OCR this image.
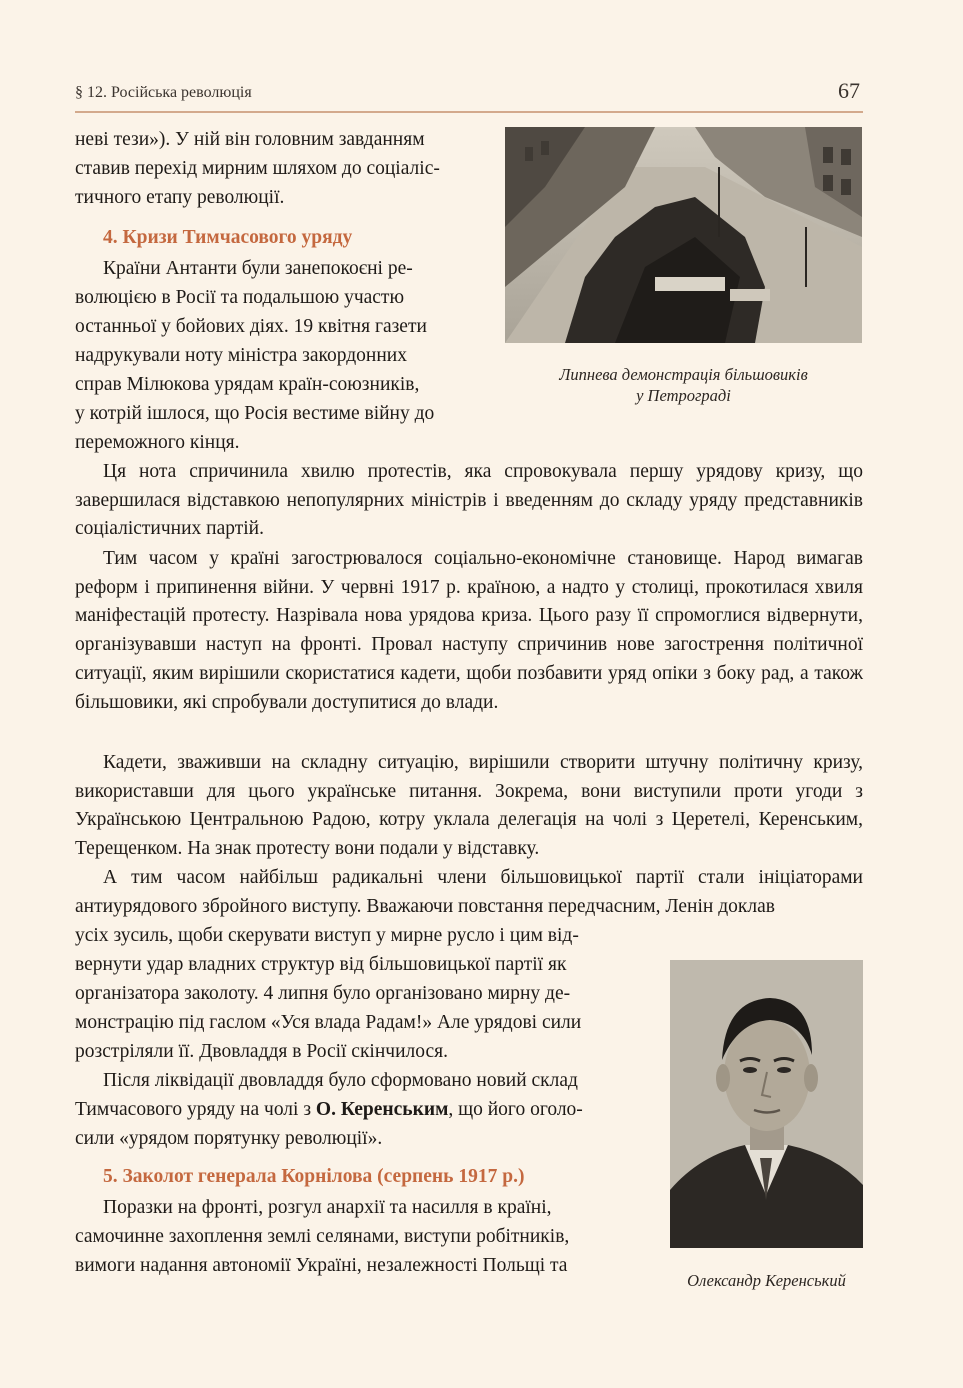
§ 12. Російська революція	67

неві тези»). У ній він головним завданням

ставив перехід мирним шляхом до соціаліс-

тичного етапу революції.

4. Кризи Тимчасового уряду

Країни Антанти були занепокоєні ре-

волюцією в Росії та подальшою участю

останньої у бойових діях. 19 квітня газети

надрукували ноту міністра закордонних

справ Мілюкова урядам країн-союзників,

у котрій ішлося, що Росія вестиме війну до

переможного кінця.

Липнева демонстрація більшовиків

у Петрограді

Ця нота спричинила хвилю протестів, яка спровокувала першу урядову кризу, що завершилася відставкою непопулярних міністрів і введенням до складу уряду представників соціалістичних партій.

Тим часом у країні загострювалося соціально-економічне становище. Народ вимагав реформ і припинення війни. У червні 1917 р. країною, а надто у столиці, прокотилася хвиля маніфестацій протесту. Назрівала нова урядова криза. Цього разу її спромоглися відвернути, організувавши наступ на фронті. Провал наступу спричинив нове загострення політичної ситуації, яким вирішили скористатися кадети, щоби позбавити уряд опіки з боку рад, а також більшовики, які спробували доступитися до влади.

Кадети, зваживши на складну ситуацію, вирішили створити штучну політичну кризу, використавши для цього українське питання. Зокрема, вони виступили проти угоди з Українською Центральною Радою, котру уклала делегація на чолі з Церетелі, Керенським, Терещенком. На знак протесту вони подали у відставку.

А тим часом найбільш радикальні члени більшовицької партії стали ініціаторами антиурядового збройного виступу. Вважаючи повстання передчасним, Ленін доклав

усіх зусиль, щоби скерувати виступ у мирне русло і цим від-

вернути удар владних структур від більшовицької партії як

організатора заколоту. 4 липня було організовано мирну де-

монстрацію під гаслом «Уся влада Радам!» Але урядові сили

розстріляли її. Двовладдя в Росії скінчилося.

Після ліквідації двовладдя було сформовано новий склад

Тимчасового уряду на чолі з О. Керенським, що його оголо-

сили «урядом порятунку революції».

5. Заколот генерала Корнілова (серпень 1917 р.)

Поразки на фронті, розгул анархії та насилля в країні,

самочинне захоплення землі селянами, виступи робітників,

вимоги надання автономії Україні, незалежності Польщі та

Олександр Керенський
